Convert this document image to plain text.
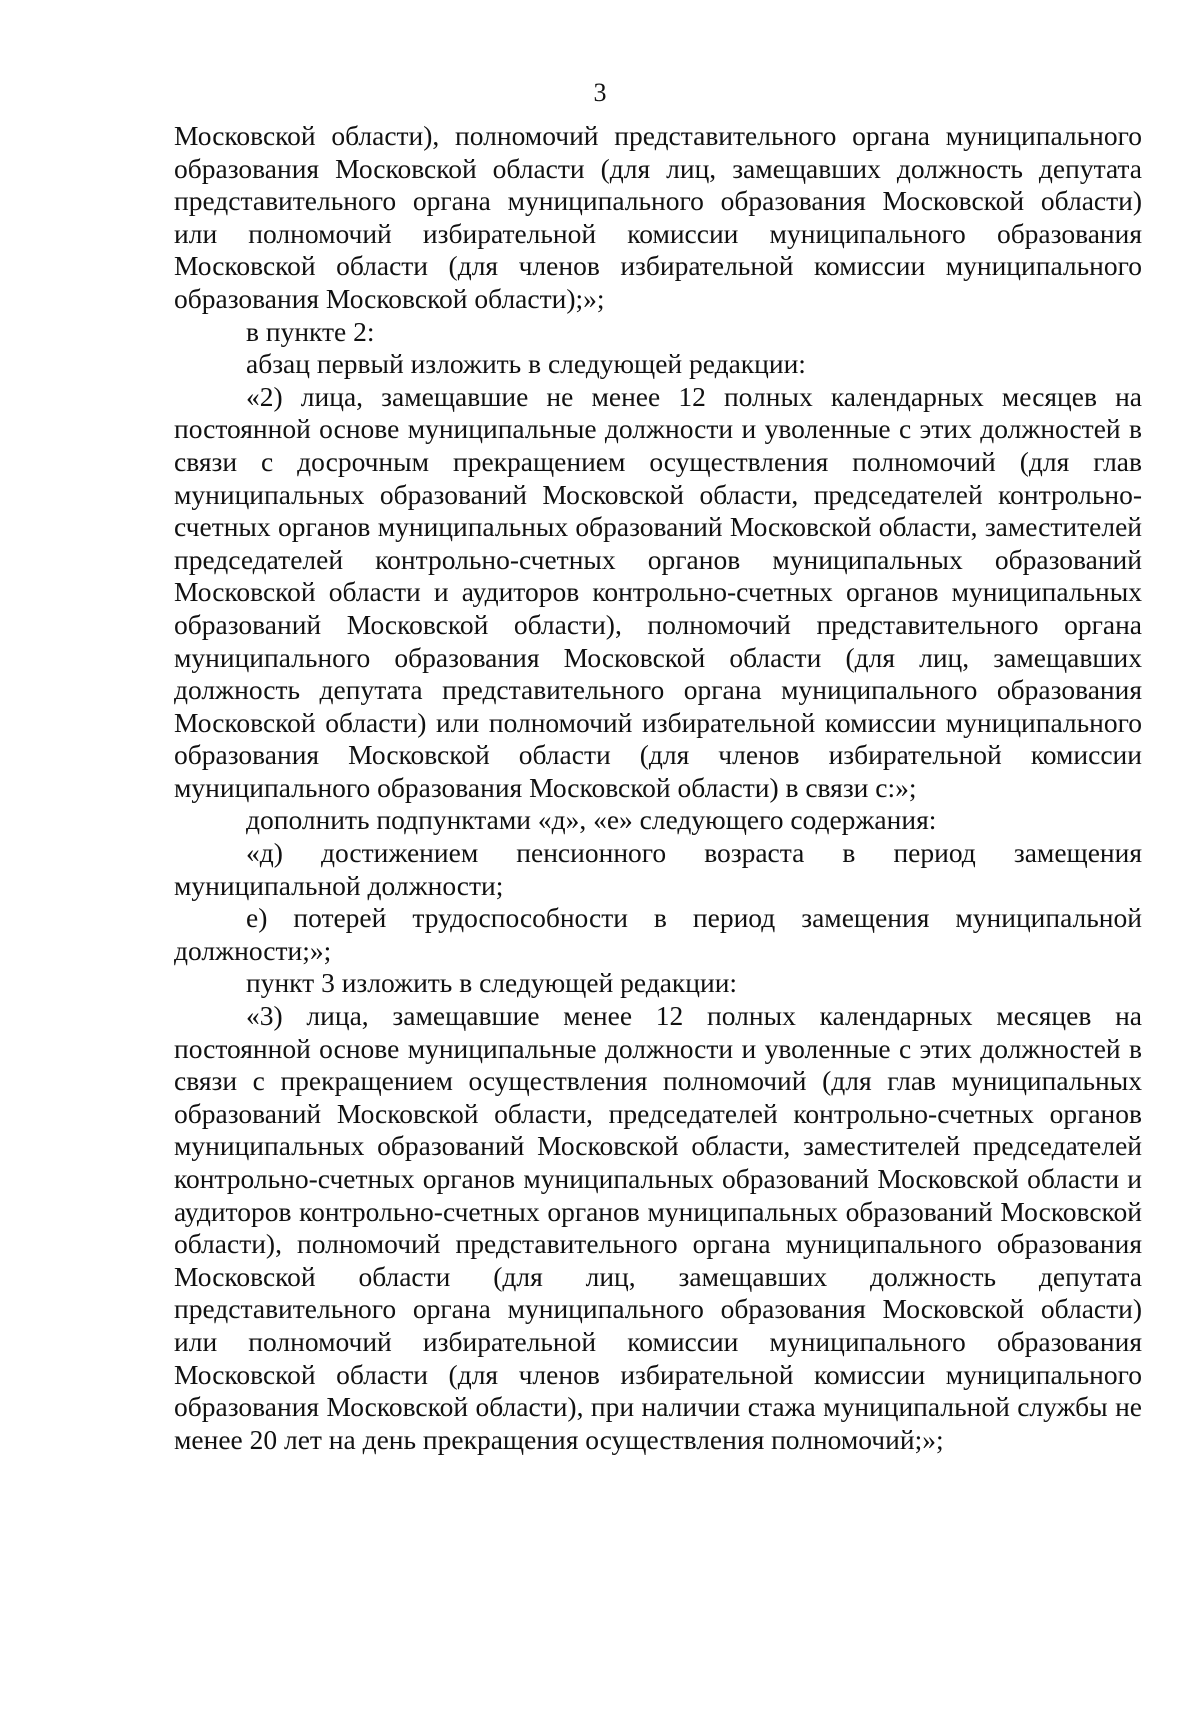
3

Московской области), полномочий представительного органа муниципального образования Московской области (для лиц, замещавших должность депутата представительного органа муниципального образования Московской области) или полномочий избирательной комиссии муниципального образования Московской области (для членов избирательной комиссии муниципального образования Московской области);»;

в пункте 2:

абзац первый изложить в следующей редакции:

«2) лица, замещавшие не менее 12 полных календарных месяцев на постоянной основе муниципальные должности и уволенные с этих должностей в связи с досрочным прекращением осуществления полномочий (для глав муниципальных образований Московской области, председателей контрольно-счетных органов муниципальных образований Московской области, заместителей председателей контрольно-счетных органов муниципальных образований Московской области и аудиторов контрольно-счетных органов муниципальных образований Московской области), полномочий представительного органа муниципального образования Московской области (для лиц, замещавших должность депутата представительного органа муниципального образования Московской области) или полномочий избирательной комиссии муниципального образования Московской области (для членов избирательной комиссии муниципального образования Московской области) в связи с:»;

дополнить подпунктами «д», «е» следующего содержания:

«д) достижением пенсионного возраста в период замещения муниципальной должности;

е) потерей трудоспособности в период замещения муниципальной должности;»;

пункт 3 изложить в следующей редакции:

«3) лица, замещавшие менее 12 полных календарных месяцев на постоянной основе муниципальные должности и уволенные с этих должностей в связи с прекращением осуществления полномочий (для глав муниципальных образований Московской области, председателей контрольно-счетных органов муниципальных образований Московской области, заместителей председателей контрольно-счетных органов муниципальных образований Московской области и аудиторов контрольно-счетных органов муниципальных образований Московской области), полномочий представительного органа муниципального образования Московской области (для лиц, замещавших должность депутата представительного органа муниципального образования Московской области) или полномочий избирательной комиссии муниципального образования Московской области (для членов избирательной комиссии муниципального образования Московской области), при наличии стажа муниципальной службы не менее 20 лет на день прекращения осуществления полномочий;»;
